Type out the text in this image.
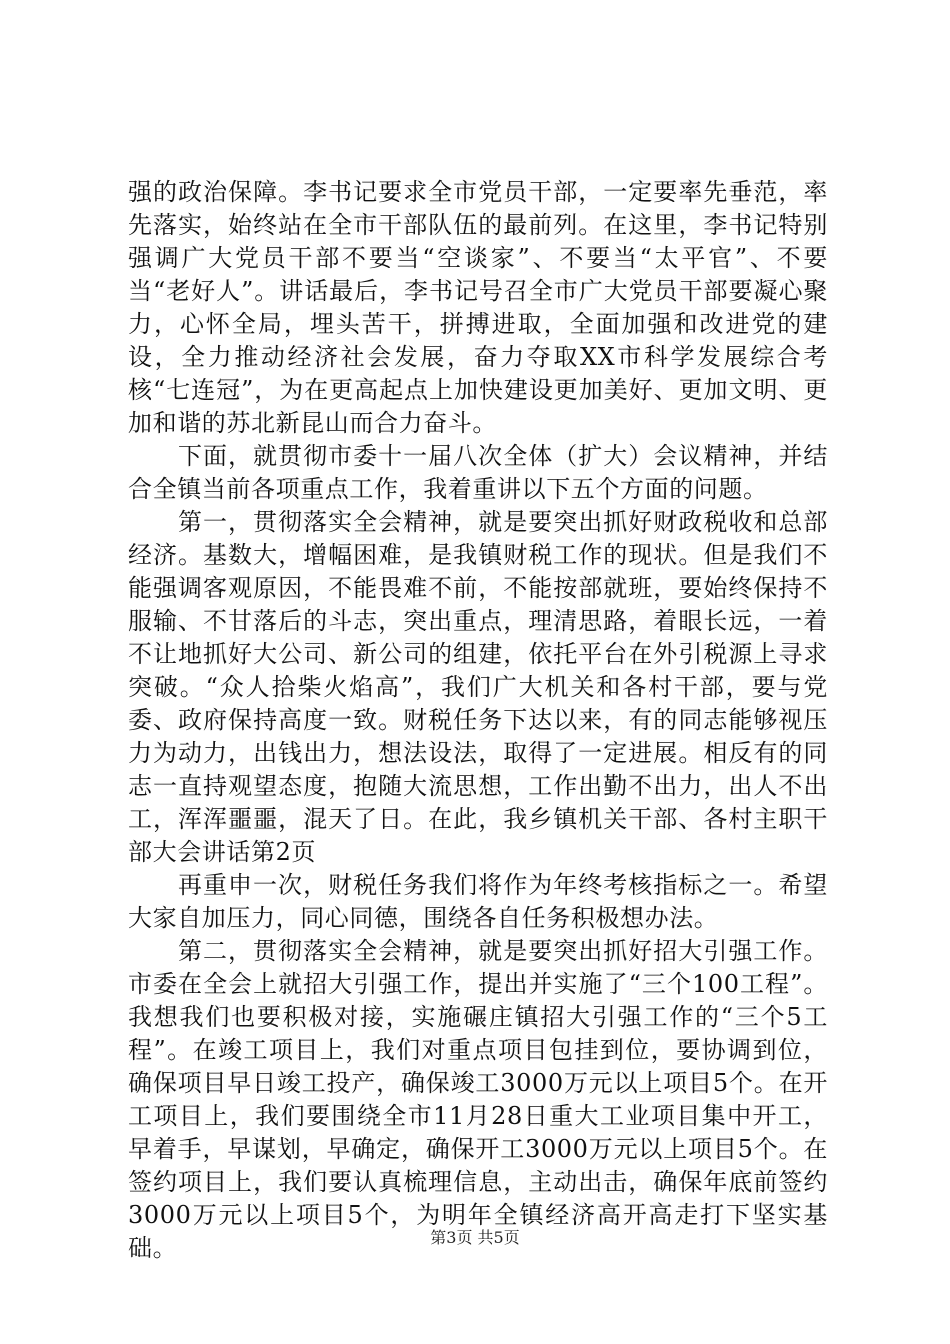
强的政治保障。李书记要求全市党员干部，一定要率先垂范，率先落实，始终站在全市干部队伍的最前列。在这里，李书记特别强调广大党员干部不要当“空谈家”、不要当“太平官”、不要当“老好人”。讲话最后，李书记号召全市广大党员干部要凝心聚力，心怀全局，埋头苦干，拼搏进取，全面加强和改进党的建设，全力推动经济社会发展，奋力夺取XX市科学发展综合考核“七连冠”，为在更高起点上加快建设更加美好、更加文明、更加和谐的苏北新昆山而合力奋斗。

下面，就贯彻市委十一届八次全体（扩大）会议精神，并结合全镇当前各项重点工作，我着重讲以下五个方面的问题。

第一，贯彻落实全会精神，就是要突出抓好财政税收和总部经济。基数大，增幅困难，是我镇财税工作的现状。但是我们不能强调客观原因，不能畏难不前，不能按部就班，要始终保持不服输、不甘落后的斗志，突出重点，理清思路，着眼长远，一着不让地抓好大公司、新公司的组建，依托平台在外引税源上寻求突破。“众人拾柴火焰高”，我们广大机关和各村干部，要与党委、政府保持高度一致。财税任务下达以来，有的同志能够视压力为动力，出钱出力，想法设法，取得了一定进展。相反有的同志一直持观望态度，抱随大流思想，工作出勤不出力，出人不出工，浑浑噩噩，混天了日。在此，我乡镇机关干部、各村主职干部大会讲话第2页

再重申一次，财税任务我们将作为年终考核指标之一。希望大家自加压力，同心同德，围绕各自任务积极想办法。

第二，贯彻落实全会精神，就是要突出抓好招大引强工作。市委在全会上就招大引强工作，提出并实施了“三个100工程”。我想我们也要积极对接，实施碾庄镇招大引强工作的“三个5工程”。在竣工项目上，我们对重点项目包挂到位，要协调到位，确保项目早日竣工投产，确保竣工3000万元以上项目5个。在开工项目上，我们要围绕全市11月28日重大工业项目集中开工，早着手，早谋划，早确定，确保开工3000万元以上项目5个。在签约项目上，我们要认真梳理信息，主动出击，确保年底前签约3000万元以上项目5个，为明年全镇经济高开高走打下坚实基础。	第3页 共5页
